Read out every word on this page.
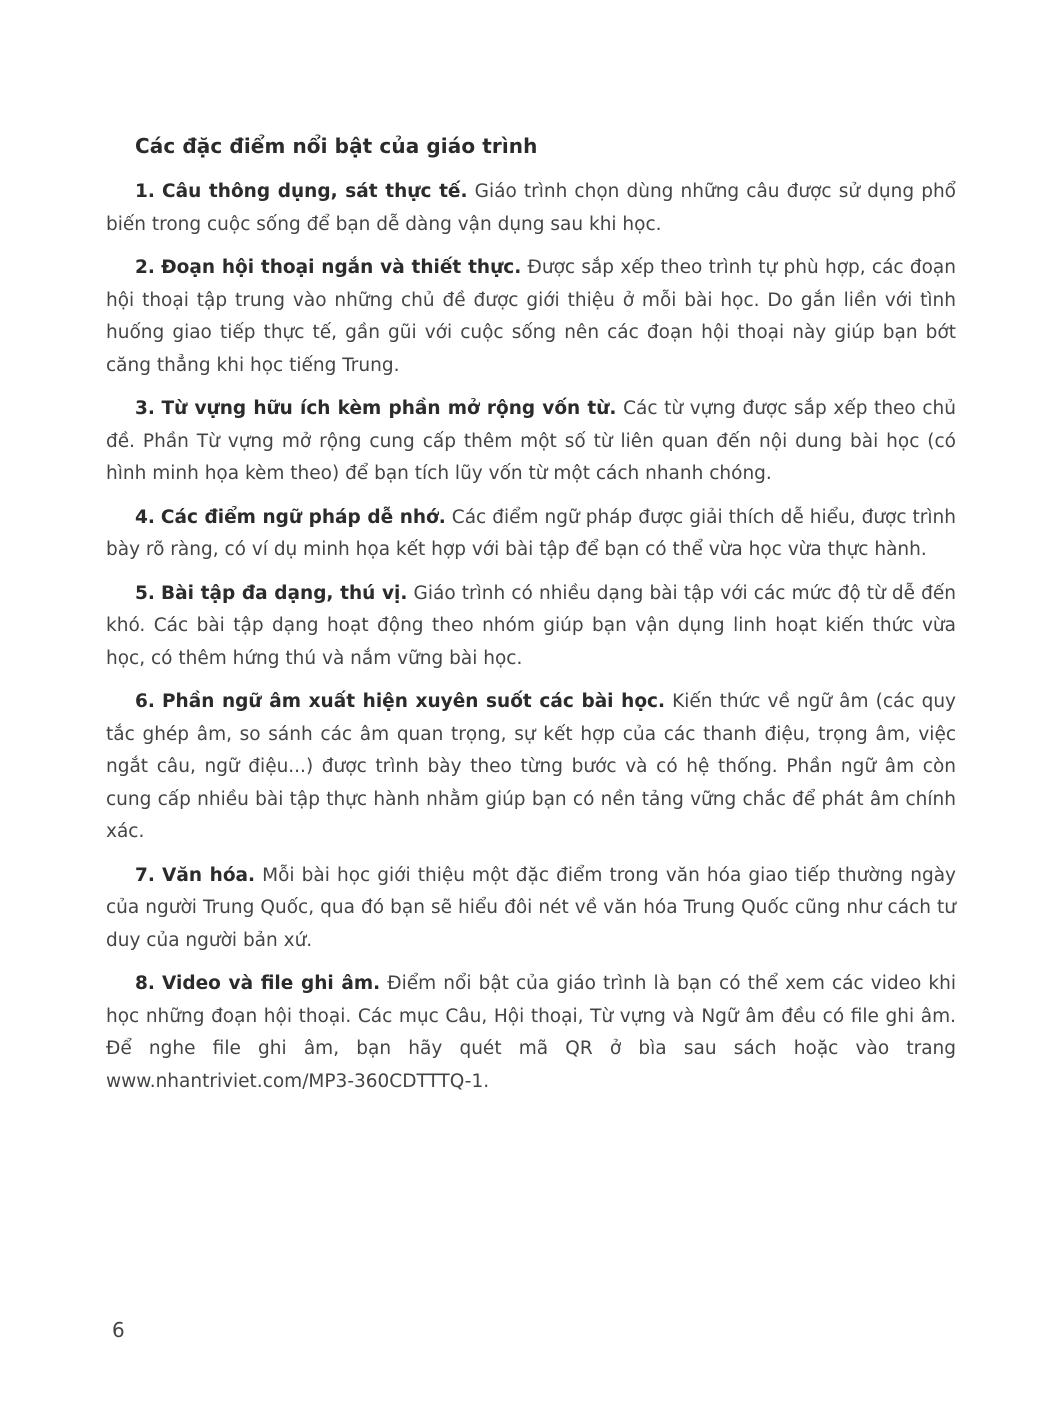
Các đặc điểm nổi bật của giáo trình

1. Câu thông dụng, sát thực tế. Giáo trình chọn dùng những câu được sử dụng phổ biến trong cuộc sống để bạn dễ dàng vận dụng sau khi học.

2. Đoạn hội thoại ngắn và thiết thực. Được sắp xếp theo trình tự phù hợp, các đoạn hội thoại tập trung vào những chủ đề được giới thiệu ở mỗi bài học. Do gắn liền với tình huống giao tiếp thực tế, gần gũi với cuộc sống nên các đoạn hội thoại này giúp bạn bớt căng thẳng khi học tiếng Trung.

3. Từ vựng hữu ích kèm phần mở rộng vốn từ. Các từ vựng được sắp xếp theo chủ đề. Phần Từ vựng mở rộng cung cấp thêm một số từ liên quan đến nội dung bài học (có hình minh họa kèm theo) để bạn tích lũy vốn từ một cách nhanh chóng.

4. Các điểm ngữ pháp dễ nhớ. Các điểm ngữ pháp được giải thích dễ hiểu, được trình bày rõ ràng, có ví dụ minh họa kết hợp với bài tập để bạn có thể vừa học vừa thực hành.

5. Bài tập đa dạng, thú vị. Giáo trình có nhiều dạng bài tập với các mức độ từ dễ đến khó. Các bài tập dạng hoạt động theo nhóm giúp bạn vận dụng linh hoạt kiến thức vừa học, có thêm hứng thú và nắm vững bài học.

6. Phần ngữ âm xuất hiện xuyên suốt các bài học. Kiến thức về ngữ âm (các quy tắc ghép âm, so sánh các âm quan trọng, sự kết hợp của các thanh điệu, trọng âm, việc ngắt câu, ngữ điệu...) được trình bày theo từng bước và có hệ thống. Phần ngữ âm còn cung cấp nhiều bài tập thực hành nhằm giúp bạn có nền tảng vững chắc để phát âm chính xác.

7. Văn hóa. Mỗi bài học giới thiệu một đặc điểm trong văn hóa giao tiếp thường ngày của người Trung Quốc, qua đó bạn sẽ hiểu đôi nét về văn hóa Trung Quốc cũng như cách tư duy của người bản xứ.

8. Video và file ghi âm. Điểm nổi bật của giáo trình là bạn có thể xem các video khi học những đoạn hội thoại. Các mục Câu, Hội thoại, Từ vựng và Ngữ âm đều có file ghi âm. Để nghe file ghi âm, bạn hãy quét mã QR ở bìa sau sách hoặc vào trang www.nhantriviet.com/MP3-360CDTTTQ-1.

6
